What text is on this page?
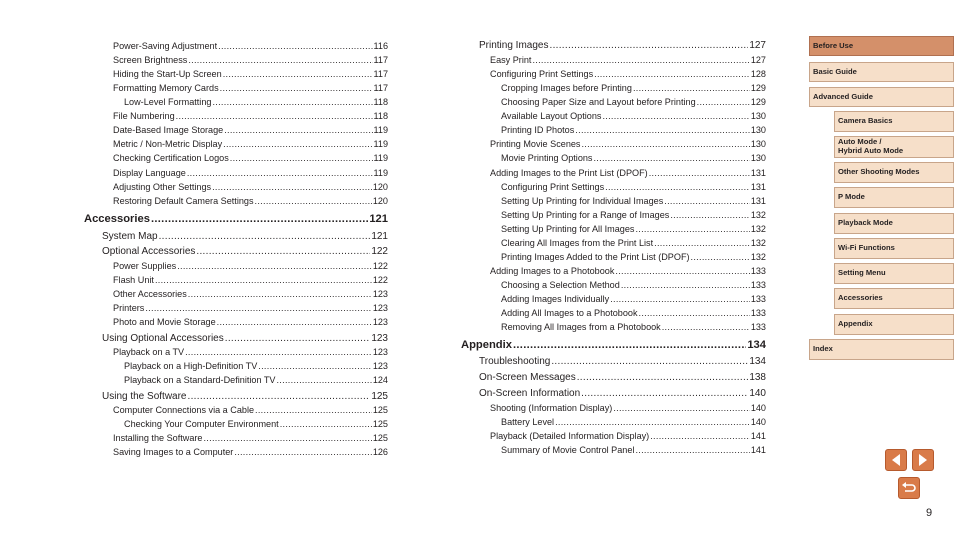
Power-Saving Adjustment .....	116
Screen Brightness .....	117
Hiding the Start-Up Screen .....	117
Formatting Memory Cards .....	117
Low-Level Formatting .....	118
File Numbering .....	118
Date-Based Image Storage .....	119
Metric / Non-Metric Display .....	119
Checking Certification Logos .....	119
Display Language .....	119
Adjusting Other Settings .....	120
Restoring Default Camera Settings .....	120
Accessories .....	121
System Map .....	121
Optional Accessories .....	122
Power Supplies .....	122
Flash Unit .....	122
Other Accessories .....	123
Printers .....	123
Photo and Movie Storage .....	123
Using Optional Accessories .....	123
Playback on a TV .....	123
Playback on a High-Definition TV .....	123
Playback on a Standard-Definition TV .....	124
Using the Software .....	125
Computer Connections via a Cable .....	125
Checking Your Computer Environment .....	125
Installing the Software .....	125
Saving Images to a Computer .....	126
Printing Images .....	127
Easy Print .....	127
Configuring Print Settings .....	128
Cropping Images before Printing .....	129
Choosing Paper Size and Layout before Printing .....	129
Available Layout Options .....	130
Printing ID Photos .....	130
Printing Movie Scenes .....	130
Movie Printing Options .....	130
Adding Images to the Print List (DPOF) .....	131
Configuring Print Settings .....	131
Setting Up Printing for Individual Images .....	131
Setting Up Printing for a Range of Images .....	132
Setting Up Printing for All Images .....	132
Clearing All Images from the Print List .....	132
Printing Images Added to the Print List (DPOF) .....	132
Adding Images to a Photobook .....	133
Choosing a Selection Method .....	133
Adding Images Individually .....	133
Adding All Images to a Photobook .....	133
Removing All Images from a Photobook .....	133
Appendix .....	134
Troubleshooting .....	134
On-Screen Messages .....	138
On-Screen Information .....	140
Shooting (Information Display) .....	140
Battery Level .....	140
Playback (Detailed Information Display) .....	141
Summary of Movie Control Panel .....	141
Before Use
Basic Guide
Advanced Guide
Camera Basics
Auto Mode /
Hybrid Auto Mode
Other Shooting Modes
P Mode
Playback Mode
Wi-Fi Functions
Setting Menu
Accessories
Appendix
Index
9
